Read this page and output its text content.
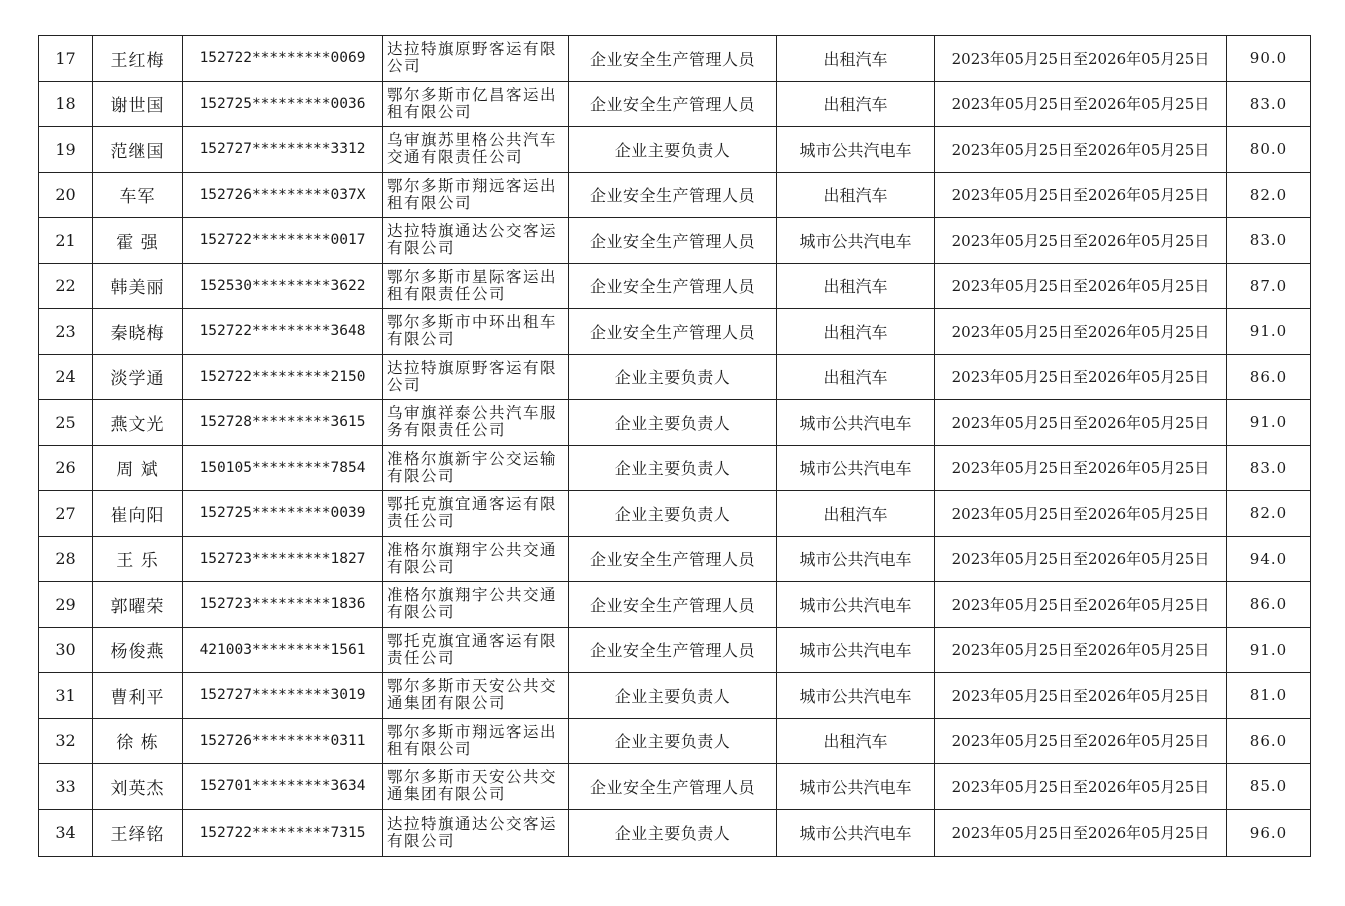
17	王红梅	152722*********0069	达拉特旗原野客运有限公司	企业安全生产管理人员	出租汽车	2023年05月25日至2026年05月25日	90.0
18	谢世国	152725*********0036	鄂尔多斯市亿昌客运出租有限公司	企业安全生产管理人员	出租汽车	2023年05月25日至2026年05月25日	83.0
19	范继国	152727*********3312	乌审旗苏里格公共汽车交通有限责任公司	企业主要负责人	城市公共汽电车	2023年05月25日至2026年05月25日	80.0
20	车军	152726*********037X	鄂尔多斯市翔远客运出租有限公司	企业安全生产管理人员	出租汽车	2023年05月25日至2026年05月25日	82.0
21	霍 强	152722*********0017	达拉特旗通达公交客运有限公司	企业安全生产管理人员	城市公共汽电车	2023年05月25日至2026年05月25日	83.0
22	韩美丽	152530*********3622	鄂尔多斯市星际客运出租有限责任公司	企业安全生产管理人员	出租汽车	2023年05月25日至2026年05月25日	87.0
23	秦晓梅	152722*********3648	鄂尔多斯市中环出租车有限公司	企业安全生产管理人员	出租汽车	2023年05月25日至2026年05月25日	91.0
24	淡学通	152722*********2150	达拉特旗原野客运有限公司	企业主要负责人	出租汽车	2023年05月25日至2026年05月25日	86.0
25	燕文光	152728*********3615	乌审旗祥泰公共汽车服务有限责任公司	企业主要负责人	城市公共汽电车	2023年05月25日至2026年05月25日	91.0
26	周 斌	150105*********7854	准格尔旗新宇公交运输有限公司	企业主要负责人	城市公共汽电车	2023年05月25日至2026年05月25日	83.0
27	崔向阳	152725*********0039	鄂托克旗宜通客运有限责任公司	企业主要负责人	出租汽车	2023年05月25日至2026年05月25日	82.0
28	王 乐	152723*********1827	准格尔旗翔宇公共交通有限公司	企业安全生产管理人员	城市公共汽电车	2023年05月25日至2026年05月25日	94.0
29	郭曜荣	152723*********1836	准格尔旗翔宇公共交通有限公司	企业安全生产管理人员	城市公共汽电车	2023年05月25日至2026年05月25日	86.0
30	杨俊燕	421003*********1561	鄂托克旗宜通客运有限责任公司	企业安全生产管理人员	城市公共汽电车	2023年05月25日至2026年05月25日	91.0
31	曹利平	152727*********3019	鄂尔多斯市天安公共交通集团有限公司	企业主要负责人	城市公共汽电车	2023年05月25日至2026年05月25日	81.0
32	徐 栋	152726*********0311	鄂尔多斯市翔远客运出租有限公司	企业主要负责人	出租汽车	2023年05月25日至2026年05月25日	86.0
33	刘英杰	152701*********3634	鄂尔多斯市天安公共交通集团有限公司	企业安全生产管理人员	城市公共汽电车	2023年05月25日至2026年05月25日	85.0
34	王绎铭	152722*********7315	达拉特旗通达公交客运有限公司	企业主要负责人	城市公共汽电车	2023年05月25日至2026年05月25日	96.0
